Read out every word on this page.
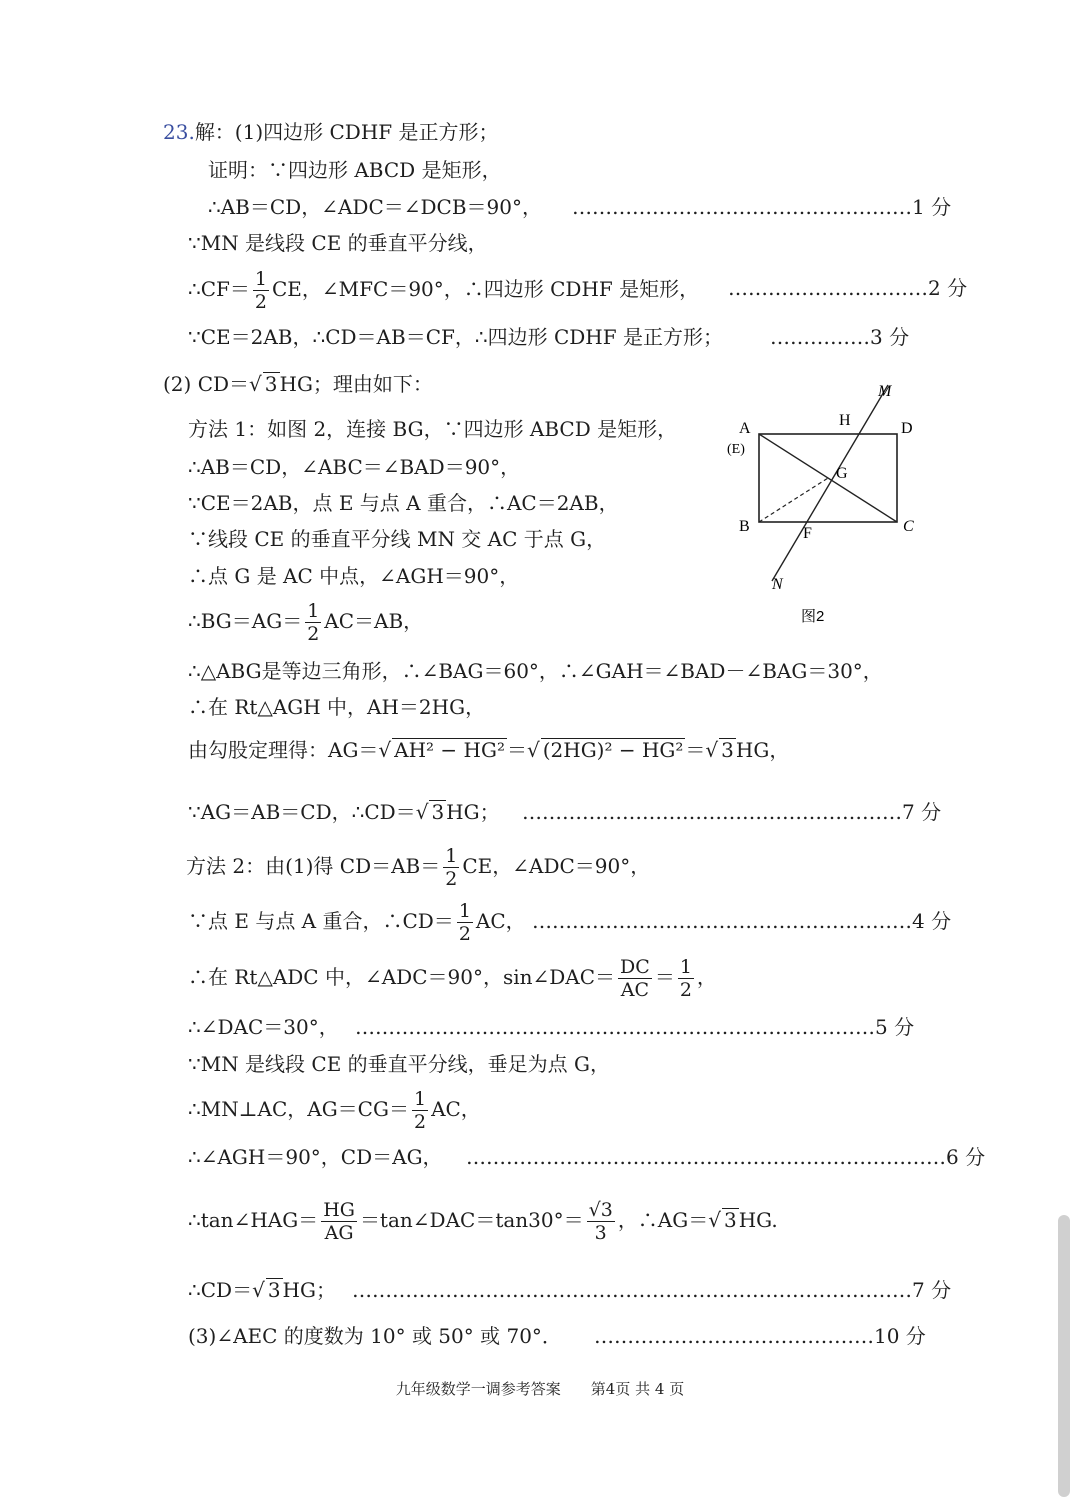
23.解：(1)四边形 CDHF 是正方形；
证明：∵四边形 ABCD 是矩形，
∴AB＝CD，∠ADC＝∠DCB＝90°， ……………………………………………1 分
∵MN 是线段 CE 的垂直平分线，
∴CF＝ $\frac{1}{2}$ CE，∠MFC＝90°，∴四边形 CDHF 是矩形， …………………………2 分
∵CE＝2AB，∴CD＝AB＝CF，∴四边形 CDHF 是正方形； ……………3 分
(2) CD＝√ 3 HG；理由如下：
方法 1：如图 2，连接 BG，∵四边形 ABCD 是矩形，
∴AB＝CD，∠ABC＝∠BAD＝90°，
∵CE＝2AB，点 E 与点 A 重合，∴AC＝2AB，
∵线段 CE 的垂直平分线 MN 交 AC 于点 G，
∴点 G 是 AC 中点，∠AGH＝90°，
∴BG＝AG＝ $\frac{1}{2} AC=AB$，
∴△ABG是等边三角形，∴∠BAG＝60°，∴∠GAH＝∠BAD－∠BAG＝30°，
∴在 Rt△AGH 中，AH＝2HG，
由勾股定理得：AG＝√ AH² − HG² ＝√ (2HG)² − HG² ＝√ 3 HG，
∵AG＝AB＝CD，∴CD＝√ 3 HG； …………………………………………………7 分
方法 2：由(1)得 $CD=AB= \frac{1}{2}$ CE，∠ADC＝90°，
∵点 E 与点 A 重合，∴CD＝ $\frac{1}{2}$ AC， …………………………………………………4 分
∴在 Rt△ADC 中，∠ADC＝90°，sin∠DAC＝ $\frac{DC}{AC} = \frac{1}{2}$ ，
∴∠DAC＝30°， ……………………………………………………………………5 分
∵MN 是线段 CE 的垂直平分线，垂足为点 G，
∴MN⊥AC，$AG=CG= \frac{1}{2}$ AC，
∴∠AGH＝90°，CD＝AG， ………………………………………………………………6 分
∴tan∠HAG＝ $\frac{HG}{AG}$ ＝tan∠DAC＝tan30°＝ $\frac{√3}{3}$ ，∴AG＝√ 3 HG.
∴CD＝√ 3 HG； …………………………………………………………………………7 分
(3)∠AEC 的度数为 10° 或 50° 或 70°． ……………………………………10 分
A
(E)
B	C
D
H
G
F
M
N
图2
九年级数学一调参考答案　　第4页 共 4 页
